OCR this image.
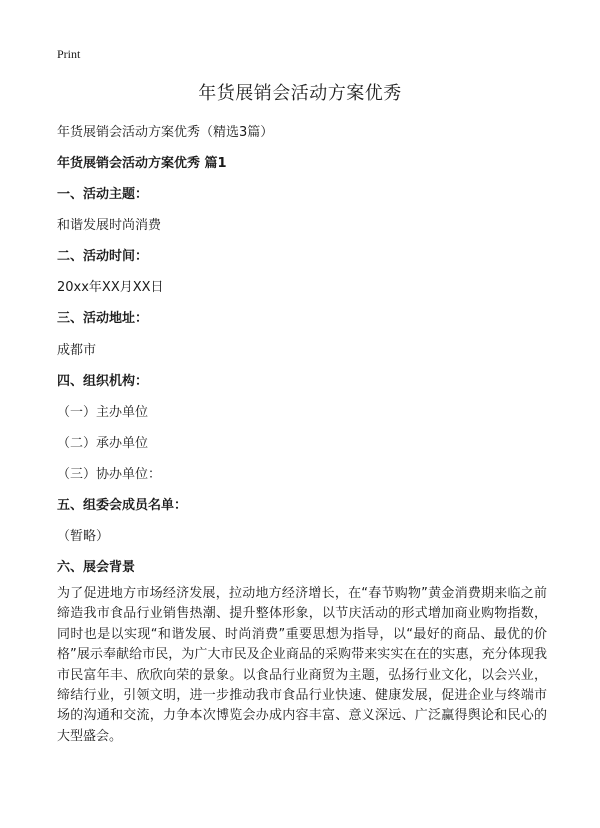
Print
年货展销会活动方案优秀
年货展销会活动方案优秀（精选3篇）
年货展销会活动方案优秀 篇1
一、活动主题：
和谐发展时尚消费
二、活动时间：
20xx年XX月XX日
三、活动地址：
成都市
四、组织机构：
（一）主办单位
（二）承办单位
（三）协办单位：
五、组委会成员名单：
（暂略）
六、展会背景
为了促进地方市场经济发展，拉动地方经济增长，在“春节购物”黄金消费期来临之前缔造我市食品行业销售热潮、提升整体形象，以节庆活动的形式增加商业购物指数，同时也是以实现“和谐发展、时尚消费”重要思想为指导，以“最好的商品、最优的价格”展示奉献给市民，为广大市民及企业商品的采购带来实实在在的实惠，充分体现我市民富年丰、欣欣向荣的景象。以食品行业商贸为主题，弘扬行业文化，以会兴业，缔结行业，引领文明，进一步推动我市食品行业快速、健康发展，促进企业与终端市场的沟通和交流，力争本次博览会办成内容丰富、意义深远、广泛赢得舆论和民心的大型盛会。
